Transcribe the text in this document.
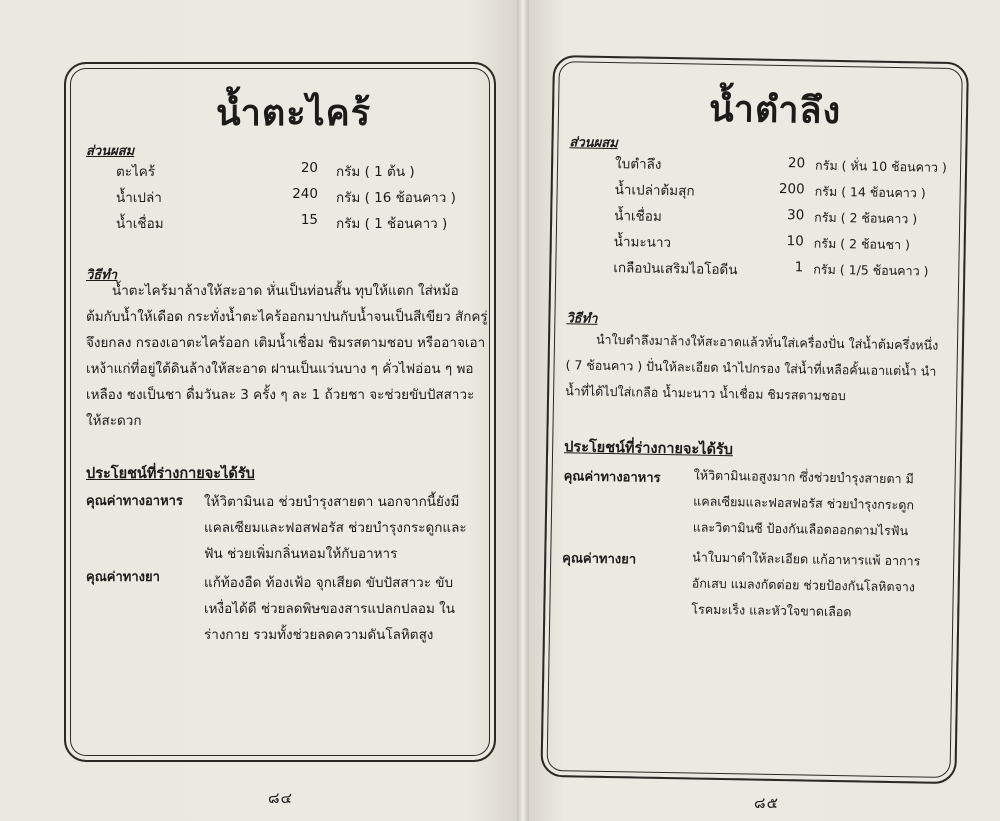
น้ำตะไคร้
ส่วนผสม
ตะไคร้	20 กรัม ( 1 ต้น )
น้ำเปล่า	240 กรัม ( 16 ช้อนคาว )
น้ำเชื่อม	15 กรัม ( 1 ช้อนคาว )
วิธีทำ
น้ำตะไคร้มาล้างให้สะอาด หั่นเป็นท่อนสั้น ทุบให้แตก ใส่หม้อ
ต้มกับน้ำให้เดือด กระทั่งน้ำตะไคร้ออกมาปนกับน้ำจนเป็นสีเขียว สักครู่
จึงยกลง กรองเอาตะไคร้ออก เติมน้ำเชื่อม ชิมรสตามชอบ หรืออาจเอา
เหง้าแก่ที่อยู่ใต้ดินล้างให้สะอาด ฝานเป็นแว่นบาง ๆ คั่วไฟอ่อน ๆ พอ
เหลือง ชงเป็นชา ดื่มวันละ 3 ครั้ง ๆ ละ 1 ถ้วยชา จะช่วยขับปัสสาวะ
ให้สะดวก
ประโยชน์ที่ร่างกายจะได้รับ
คุณค่าทางอาหาร ให้วิตามินเอ ช่วยบำรุงสายตา นอกจากนี้ยังมี
แคลเซียมและฟอสฟอรัส ช่วยบำรุงกระดูกและ
ฟัน ช่วยเพิ่มกลิ่นหอมให้กับอาหาร
คุณค่าทางยา	แก้ท้องอืด ท้องเฟ้อ จุกเสียด ขับปัสสาวะ ขับ
เหงื่อได้ดี ช่วยลดพิษของสารแปลกปลอม ใน
ร่างกาย รวมทั้งช่วยลดความดันโลหิตสูง
๘๔
น้ำตำลึง
ส่วนผสม
ใบตำลึง	20 กรัม ( หั่น 10 ช้อนคาว )
น้ำเปล่าต้มสุก	200 กรัม ( 14 ช้อนคาว )
น้ำเชื่อม	30 กรัม ( 2 ช้อนคาว )
น้ำมะนาว	10 กรัม ( 2 ช้อนชา )
เกลือป่นเสริมไอโอดีน	1 กรัม ( 1/5 ช้อนคาว )
วิธีทำ
นำใบตำลึงมาล้างให้สะอาดแล้วหั่นใส่เครื่องปั่น ใส่น้ำต้มครึ่งหนึ่ง
( 7 ช้อนคาว ) ปั่นให้ละเอียด นำไปกรอง ใส่น้ำที่เหลือคั้นเอาแต่น้ำ นำ
น้ำที่ได้ไปใส่เกลือ น้ำมะนาว น้ำเชื่อม ชิมรสตามชอบ
ประโยชน์ที่ร่างกายจะได้รับ
คุณค่าทางอาหาร	ให้วิตามินเอสูงมาก ซึ่งช่วยบำรุงสายตา มี
แคลเซียมและฟอสฟอรัส ช่วยบำรุงกระดูก
และวิตามินซี ป้องกันเลือดออกตามไรฟัน
คุณค่าทางยา	นำใบมาตำให้ละเอียด แก้อาหารแพ้ อาการ
อักเสบ แมลงกัดต่อย ช่วยป้องกันโลหิตจาง
โรคมะเร็ง และหัวใจขาดเลือด
๘๕
